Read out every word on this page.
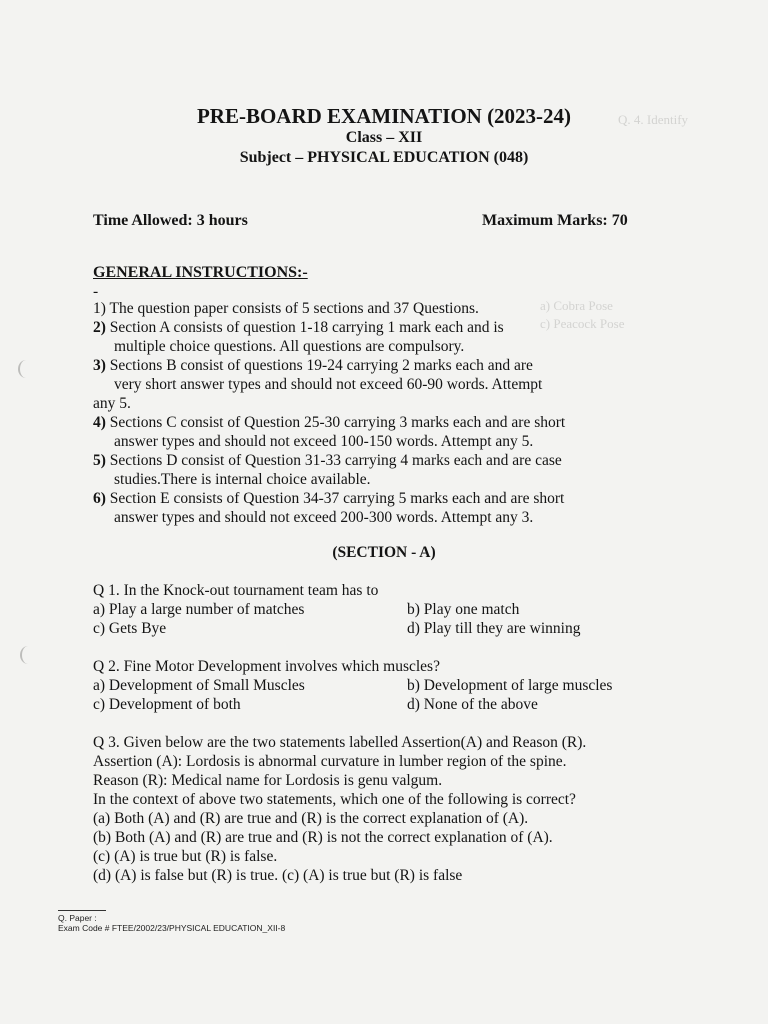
Q. 4. Identify
a) Cobra Pose
c) Peacock Pose
PRE-BOARD EXAMINATION (2023-24)
Class – XII
Subject – PHYSICAL EDUCATION (048)
Time Allowed: 3 hours	Maximum Marks: 70
GENERAL INSTRUCTIONS:-
-
1) The question paper consists of 5 sections and 37 Questions.
2) Section A consists of question 1-18 carrying 1 mark each and is
multiple choice questions. All questions are compulsory.
3) Sections B consist of questions 19-24 carrying 2 marks each and are
very short answer types and should not exceed 60-90 words. Attempt
any 5.
4) Sections C consist of Question 25-30 carrying 3 marks each and are short
answer types and should not exceed 100-150 words. Attempt any 5.
5) Sections D consist of Question 31-33 carrying 4 marks each and are case
studies.There is internal choice available.
6) Section E consists of Question 34-37 carrying 5 marks each and are short
answer types and should not exceed 200-300 words. Attempt any 3.
(SECTION - A)
Q 1. In the Knock-out tournament team has to
a) Play a large number of matches	b) Play one match
c) Gets Bye	d) Play till they are winning
Q 2. Fine Motor Development involves which muscles?
a) Development of Small Muscles	b) Development of large muscles
c) Development of both	d) None of the above
Q 3. Given below are the two statements labelled Assertion(A) and Reason (R).
Assertion (A): Lordosis is abnormal curvature in lumber region of the spine.
Reason (R): Medical name for Lordosis is genu valgum.
In the context of above two statements, which one of the following is correct?
(a) Both (A) and (R) are true and (R) is the correct explanation of (A).
(b) Both (A) and (R) are true and (R) is not the correct explanation of (A).
(c) (A) is true but (R) is false.
(d) (A) is false but (R) is true. (c) (A) is true but (R) is false
Q. Paper :
Exam Code # FTEE/2002/23/PHYSICAL EDUCATION_XII-8
